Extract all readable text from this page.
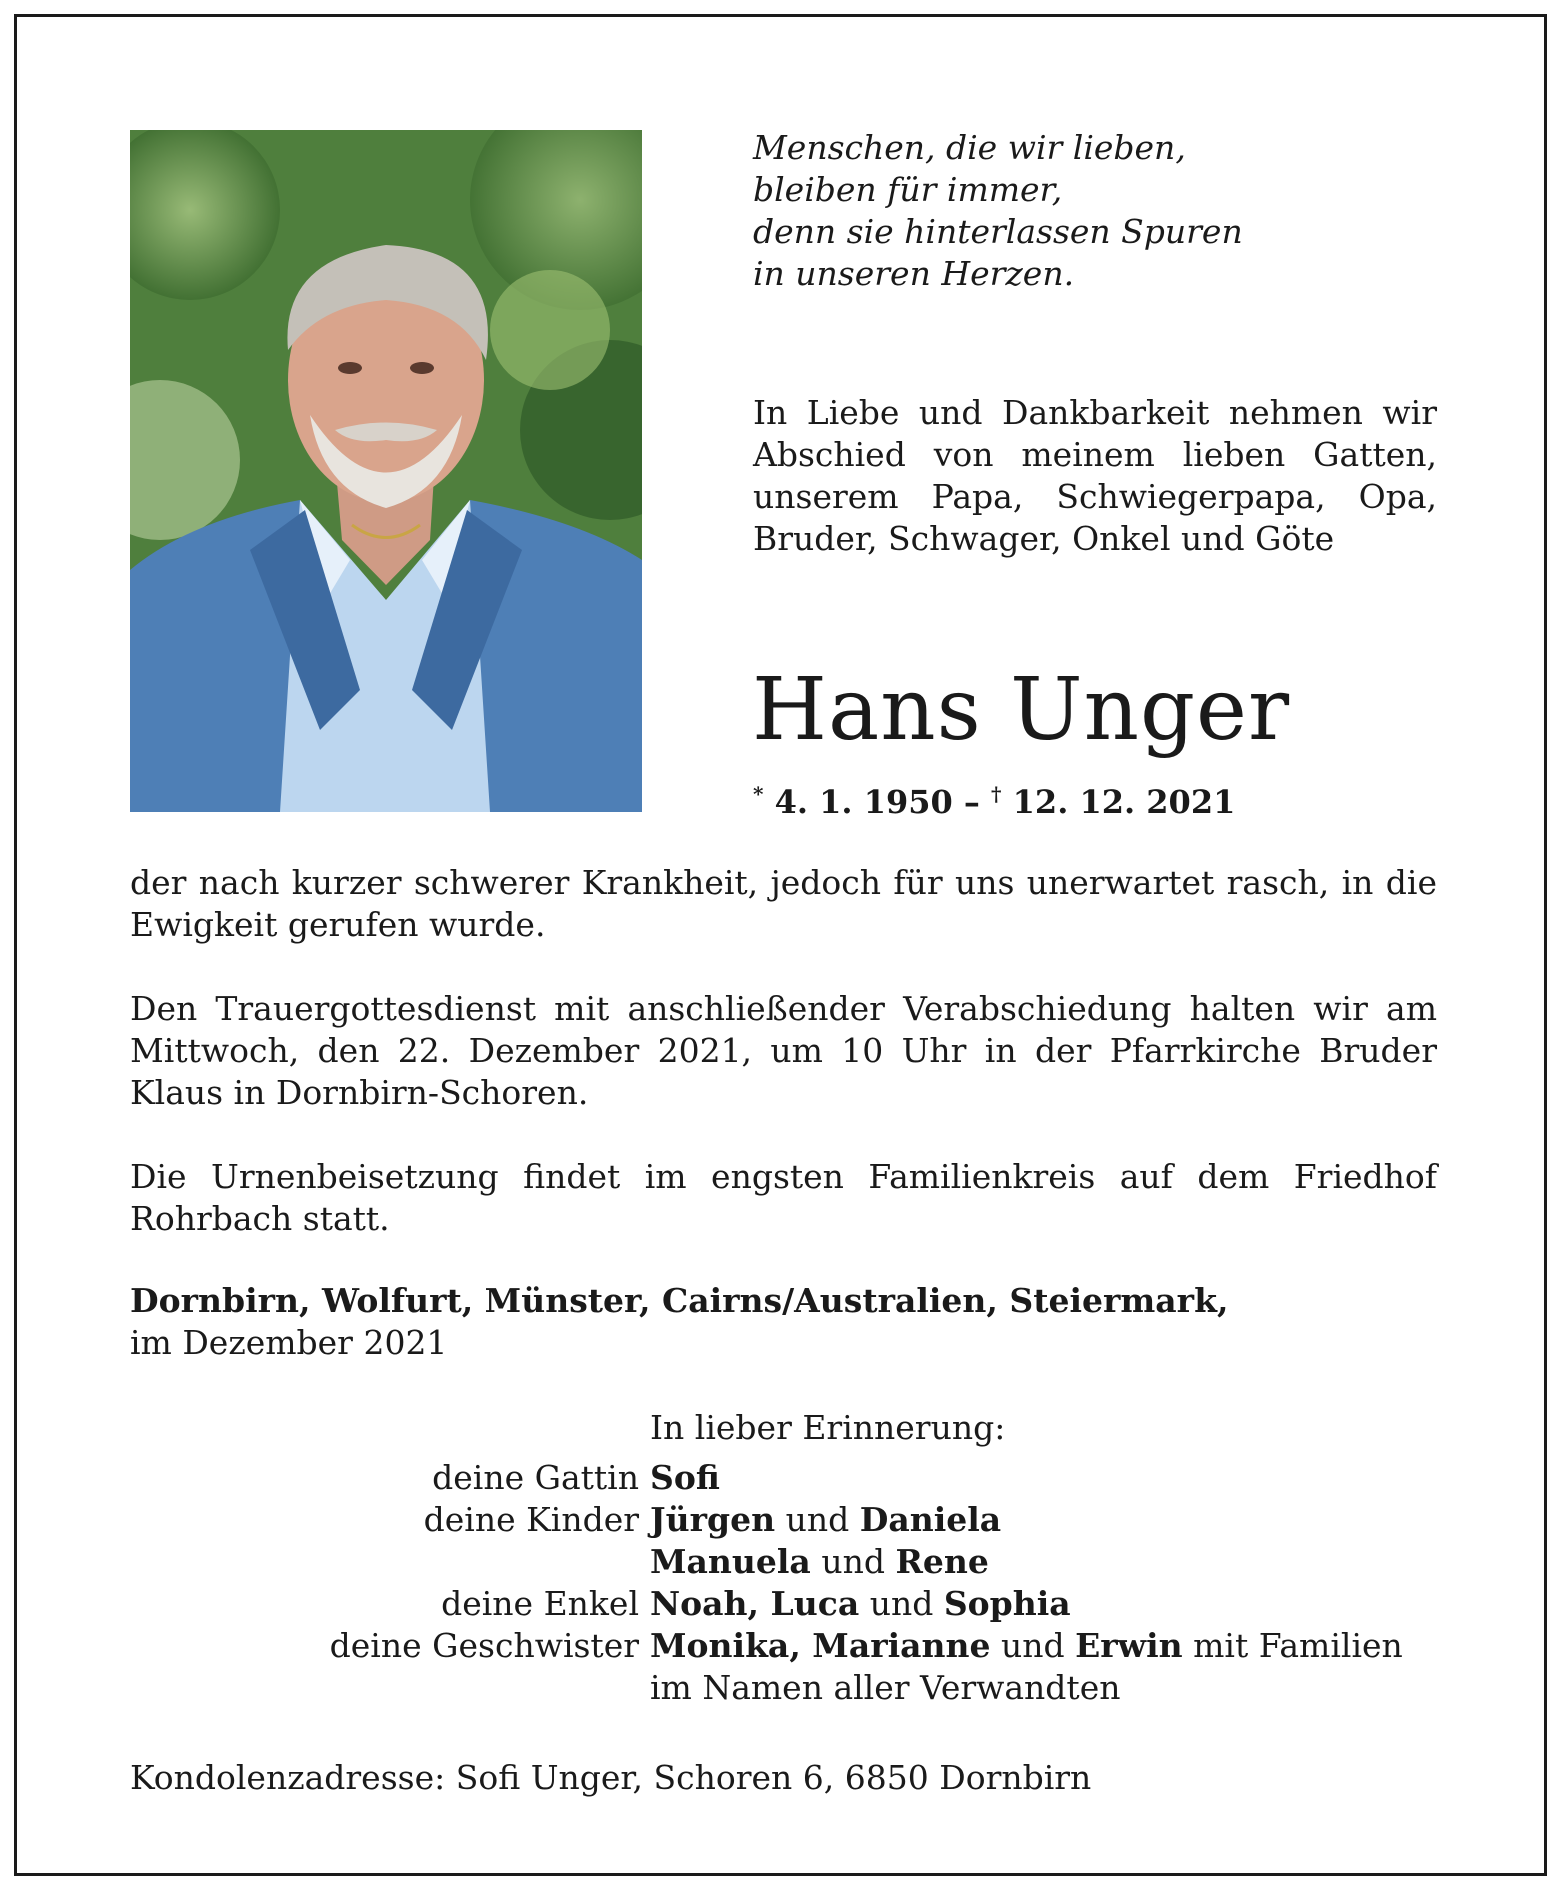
Menschen, die wir lieben,
bleiben für immer,
denn sie hinterlassen Spuren
in unseren Herzen.
In Liebe und Dankbarkeit nehmen wir
Abschied von meinem lieben Gatten,
unserem Papa, Schwiegerpapa, Opa,
Bruder, Schwager, Onkel und Göte
Hans Unger
* 4. 1. 1950 – † 12. 12. 2021
der nach kurzer schwerer Krankheit, jedoch für uns unerwartet rasch, in die
Ewigkeit gerufen wurde.
Den Trauergottesdienst mit anschließender Verabschiedung halten wir am
Mittwoch, den 22. Dezember 2021, um 10 Uhr in der Pfarrkirche Bruder
Klaus in Dornbirn-Schoren.
Die Urnenbeisetzung findet im engsten Familienkreis auf dem Friedhof
Rohrbach statt.
Dornbirn, Wolfurt, Münster, Cairns/Australien, Steiermark,
im Dezember 2021
In lieber Erinnerung:
deine Gattin Sofi
deine Kinder Jürgen und Daniela
Manuela und Rene
deine Enkel Noah, Luca und Sophia
deine Geschwister Monika, Marianne und Erwin mit Familien
im Namen aller Verwandten
Kondolenzadresse: Sofi Unger, Schoren 6, 6850 Dornbirn
